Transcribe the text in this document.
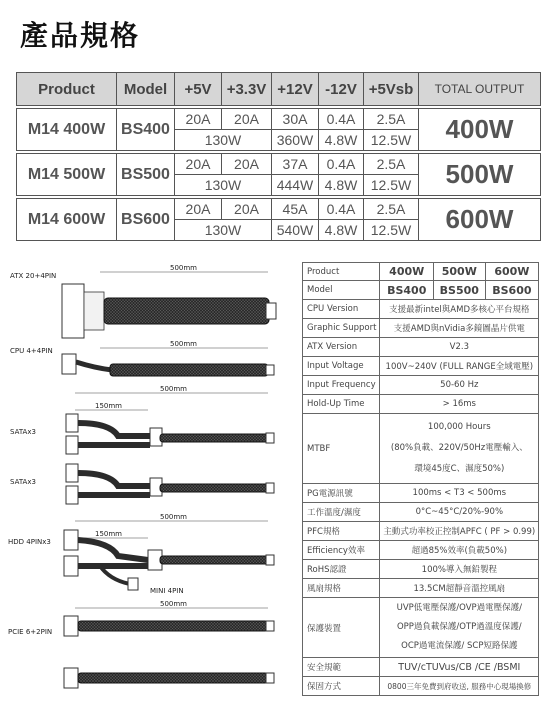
產品規格
Product	Model	+5V	+3.3V	+12V	-12V	+5Vsb	TOTAL OUTPUT

M14 400W	BS400	20A	20A	30A	0.4A	2.5A	400W
		130W		360W	4.8W	12.5W	

M14 500W	BS500	20A	20A	37A	0.4A	2.5A	500W
		130W		444W	4.8W	12.5W	

M14 600W	BS600	20A	20A	45A	0.4A	2.5A	600W
		130W		540W	4.8W	12.5W	
ATX 20+4PIN
500mm
CPU 4+4PIN
500mm
500mm
150mm
SATAx3
SATAx3
500mm
150mm
HDD 4PINx3
MINI 4PIN
500mm
PCIE 6+2PIN
Product	400W	500W	600W
Model	BS400	BS500	BS600
CPU Version	支援最新intel與AMD多核心平台規格		
Graphic Support	支援AMD與nVidia多鏡圖晶片供電		
ATX Version	V2.3		
Input Voltage	100V~240V (FULL RANGE全域電壓)		
Input Frequency	50-60 Hz		
Hold-Up Time	> 16ms		
MTBF	100,000 Hours
(80%負載、220V/50Hz電壓輸入、
環境45度C、濕度50%)		

PG電源訊號	100ms < T3 < 500ms		
工作溫度/濕度	0°C~45°C/20%-90%		
PFC規格	主動式功率校正控制APFC ( PF > 0.99)		
Efficiency效率	超過85%效率(負載50%)		
RoHS認證	100%導入無鉛製程		
風扇規格	13.5CM超靜音溫控風扇		
保護裝置	UVP低電壓保護/OVP過電壓保護/
OPP過負載保護/OTP過溫度保護/
OCP過電流保護/ SCP短路保護		

安全規範	TUV/cTUVus/CB /CE /BSMI		
保固方式	0800三年免費到府收送, 服務中心現場換修		
